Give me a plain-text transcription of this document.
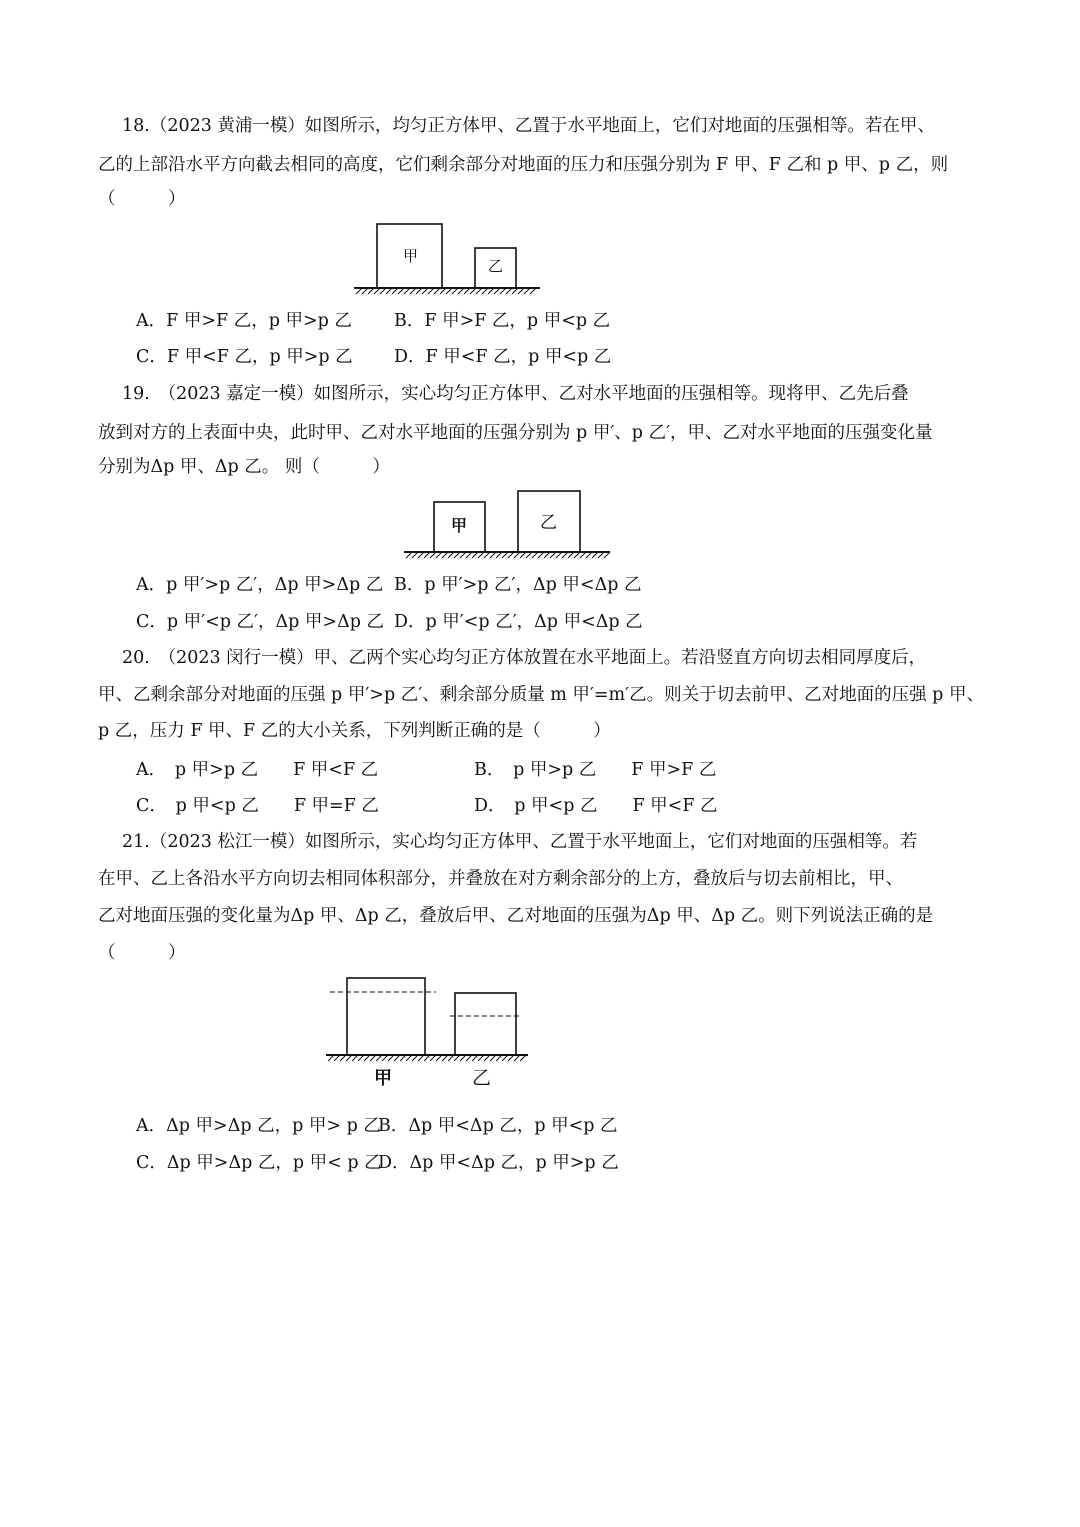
18.（2023 黄浦一模）如图所示，均匀正方体甲、乙置于水平地面上，它们对地面的压强相等。若在甲、
乙的上部沿水平方向截去相同的高度，它们剩余部分对地面的压力和压强分别为 F 甲、F 乙和 p 甲、p 乙，则
（　　　）
甲
乙
A．F 甲>F 乙，p 甲>p 乙 B．F 甲>F 乙，p 甲<p 乙
C．F 甲<F 乙，p 甲>p 乙 D．F 甲<F 乙，p 甲<p 乙
19.　（2023 嘉定一模）如图所示，实心均匀正方体甲、乙对水平地面的压强相等。现将甲、乙先后叠
放到对方的上表面中央，此时甲、乙对水平地面的压强分别为 p 甲′、p 乙′，甲、乙对水平地面的压强变化量
分别为Δp 甲、Δp 乙。 则（　　　）
甲	乙
A．p 甲′>p 乙′，Δp 甲>Δp 乙 B．p 甲′>p 乙′，Δp 甲<Δp 乙
C．p 甲′<p 乙′，Δp 甲>Δp 乙 D．p 甲′<p 乙′，Δp 甲<Δp 乙
20.　（2023 闵行一模）甲、乙两个实心均匀正方体放置在水平地面上。若沿竖直方向切去相同厚度后，
甲、乙剩余部分对地面的压强 p 甲′>p 乙′、剩余部分质量 m 甲′=m′乙。则关于切去前甲、乙对地面的压强 p 甲、
p 乙，压力 F 甲、F 乙的大小关系，下列判断正确的是（　　　）
A．　p 甲>p 乙　　F 甲<F 乙	B．　p 甲>p 乙　　F 甲>F 乙
C．　p 甲<p 乙　　F 甲=F 乙	D．　p 甲<p 乙　　F 甲<F 乙
21.（2023 松江一模）如图所示，实心均匀正方体甲、乙置于水平地面上，它们对地面的压强相等。若
在甲、乙上各沿水平方向切去相同体积部分，并叠放在对方剩余部分的上方，叠放后与切去前相比，甲、
乙对地面压强的变化量为Δp 甲、Δp 乙，叠放后甲、乙对地面的压强为Δp 甲、Δp 乙。则下列说法正确的是
（　　　）
甲	乙
A．Δp 甲>Δp 乙，p 甲> p 乙
B．Δp 甲<Δp 乙，p 甲<p 乙
C．Δp 甲>Δp 乙，p 甲< p 乙
D．Δp 甲<Δp 乙，p 甲>p 乙
